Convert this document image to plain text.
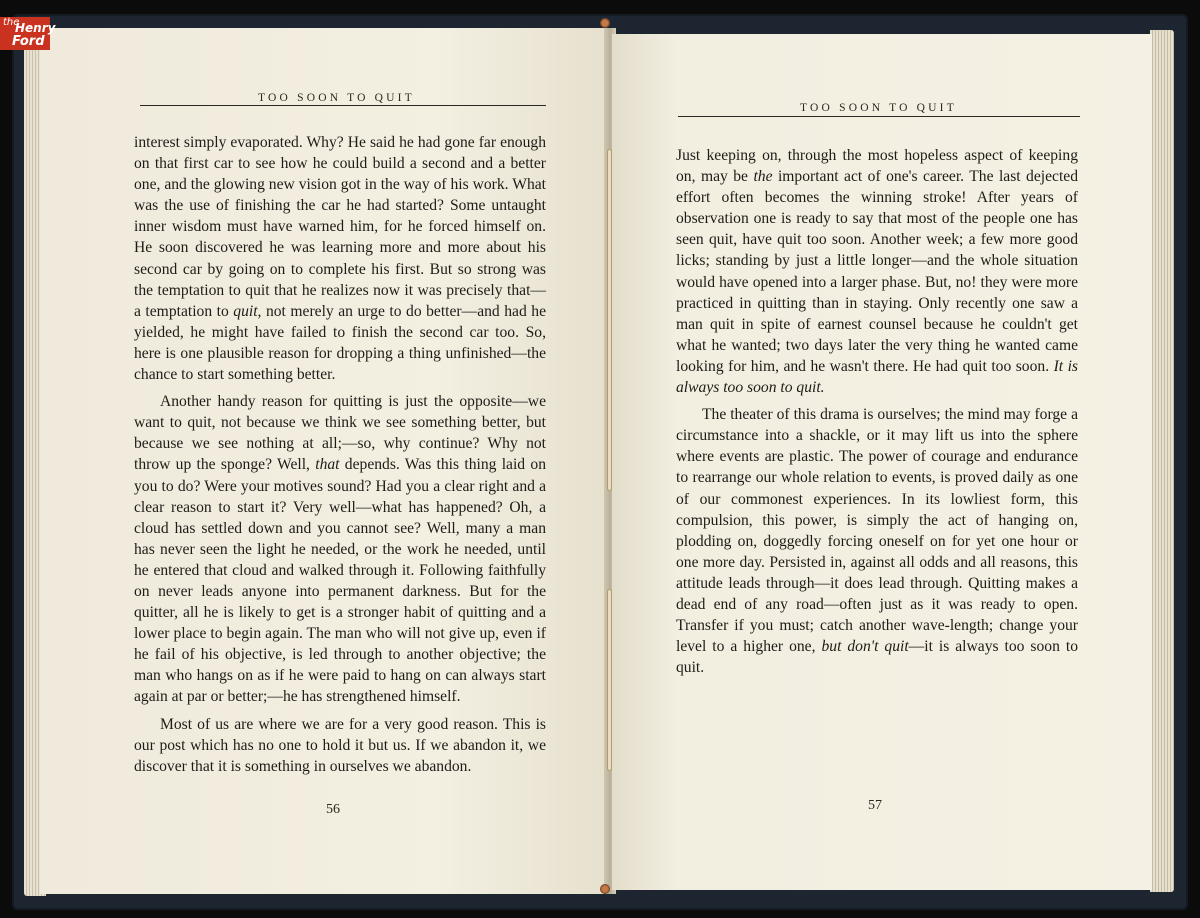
TOO SOON TO QUIT

interest simply evaporated. Why? He said he had gone far enough on that first car to see how he could build a second and a better one, and the glowing new vision got in the way of his work. What was the use of finishing the car he had started? Some untaught inner wisdom must have warned him, for he forced himself on. He soon discovered he was learning more and more about his second car by going on to complete his first. But so strong was the temptation to quit that he realizes now it was precisely that—a temptation to quit, not merely an urge to do better—and had he yielded, he might have failed to finish the second car too. So, here is one plausible reason for dropping a thing unfinished—the chance to start something better.

Another handy reason for quitting is just the opposite—we want to quit, not because we think we see something better, but because we see nothing at all;—so, why continue? Why not throw up the sponge? Well, that depends. Was this thing laid on you to do? Were your motives sound? Had you a clear right and a clear reason to start it? Very well—what has happened? Oh, a cloud has settled down and you cannot see? Well, many a man has never seen the light he needed, or the work he needed, until he entered that cloud and walked through it. Following faithfully on never leads anyone into permanent darkness. But for the quitter, all he is likely to get is a stronger habit of quitting and a lower place to begin again. The man who will not give up, even if he fail of his objective, is led through to another objective; the man who hangs on as if he were paid to hang on can always start again at par or better;—he has strengthened himself.

Most of us are where we are for a very good reason. This is our post which has no one to hold it but us. If we abandon it, we discover that it is something in ourselves we abandon.

56
TOO SOON TO QUIT

Just keeping on, through the most hopeless aspect of keeping on, may be the important act of one's career. The last dejected effort often becomes the winning stroke! After years of observation one is ready to say that most of the people one has seen quit, have quit too soon. Another week; a few more good licks; standing by just a little longer—and the whole situation would have opened into a larger phase. But, no! they were more practiced in quitting than in staying. Only recently one saw a man quit in spite of earnest counsel because he couldn't get what he wanted; two days later the very thing he wanted came looking for him, and he wasn't there. He had quit too soon. It is always too soon to quit.

The theater of this drama is ourselves; the mind may forge a circumstance into a shackle, or it may lift us into the sphere where events are plastic. The power of courage and endurance to rearrange our whole relation to events, is proved daily as one of our commonest experiences. In its lowliest form, this compulsion, this power, is simply the act of hanging on, plodding on, doggedly forcing oneself on for yet one hour or one more day. Persisted in, against all odds and all reasons, this attitude leads through—it does lead through. Quitting makes a dead end of any road—often just as it was ready to open. Transfer if you must; catch another wave-length; change your level to a higher one, but don't quit—it is always too soon to quit.

57
the
Henry
Ford
